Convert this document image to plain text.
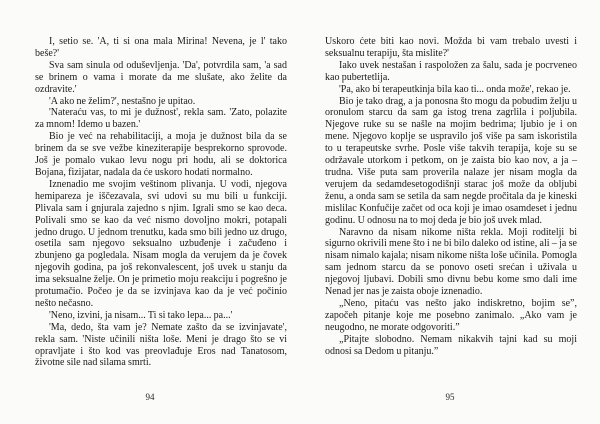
I, setio se. 'A, ti si ona mala Mirina! Nevena, je l' tako beše?'

Sva sam sinula od oduševljenja. 'Da', potvrdila sam, 'a sad se brinem o vama i morate da me slušate, ako želite da ozdravite.'

'A ako ne želim?', nestašno je upitao.

'Nateraću vas, to mi je dužnost', rekla sam. 'Zato, polazite za mnom! Idemo u bazen.'

Bio je već na rehabilitaciji, a moja je dužnost bila da se brinem da se sve vežbe kineziterapije besprekorno sprovode. Još je pomalo vukao levu nogu pri hodu, ali se doktorica Bojana, fizijatar, nadala da će uskoro hodati normalno.

Iznenadio me svojim veštinom plivanja. U vodi, njegova hemipareza je iščezavala, svi udovi su mu bili u funkciji. Plivala sam i gnjurala zajedno s njim. Igrali smo se kao deca. Polivali smo se kao da već nismo dovoljno mokri, potapali jedno drugo. U jednom trenutku, kada smo bili jedno uz drugo, osetila sam njegovo seksualno uzbuđenje i začuđeno i zbunjeno ga pogledala. Nisam mogla da verujem da je čovek njegovih godina, pa još rekonvalescent, još uvek u stanju da ima seksualne želje. On je primetio moju reakciju i pogrešno je protumačio. Počeo je da se izvinjava kao da je već počinio nešto nečasno.

'Neno, izvini, ja nisam... Ti si tako lepa... pa...'

'Ma, dedo, šta vam je? Nemate zašto da se izvinjavate', rekla sam. 'Niste učinili ništa loše. Meni je drago što se vi opravljate i što kod vas preovlađuje Eros nad Tanatosom, životne sile nad silama smrti.

94

Uskoro ćete biti kao novi. Možda bi vam trebalo uvesti i seksualnu terapiju, šta mislite?'

Iako uvek nestašan i raspoložen za šalu, sada je pocrveneo kao pubertetlija.

'Pa, ako bi terapeutkinja bila kao ti... onda može', rekao je.

Bio je tako drag, a ja ponosna što mogu da pobudim želju u oronulom starcu da sam ga istog trena zagrlila i poljubila. Njegove ruke su se našle na mojim bedrima; ljubio je i on mene. Njegovo koplje se uspravilo još više pa sam iskoristila to u terapeutske svrhe. Posle više takvih terapija, koje su se održavale utorkom i petkom, on je zaista bio kao nov, a ja – trudna. Više puta sam proverila nalaze jer nisam mogla da verujem da sedamdesetogodišnji starac još može da obljubi ženu, a onda sam se setila da sam negde pročitala da je kineski mislilac Konfučije začet od oca koji je imao osamdeset i jednu godinu. U odnosu na to moj deda je bio još uvek mlad.

Naravno da nisam nikome ništa rekla. Moji roditelji bi sigurno okrivili mene što i ne bi bilo daleko od istine, ali – ja se nisam nimalo kajala; nisam nikome ništa loše učinila. Pomogla sam jednom starcu da se ponovo oseti srećan i uživala u njegovoj ljubavi. Dobili smo divnu bebu kome smo dali ime Nenad jer nas je zaista oboje iznenadio.

„Neno, pitaću vas nešto jako indiskretno, bojim se”, započeh pitanje koje me posebno zanimalo. „Ako vam je neugodno, ne morate odgovoriti.”

„Pitajte slobodno. Nemam nikakvih tajni kad su moji odnosi sa Dedom u pitanju.”

95
